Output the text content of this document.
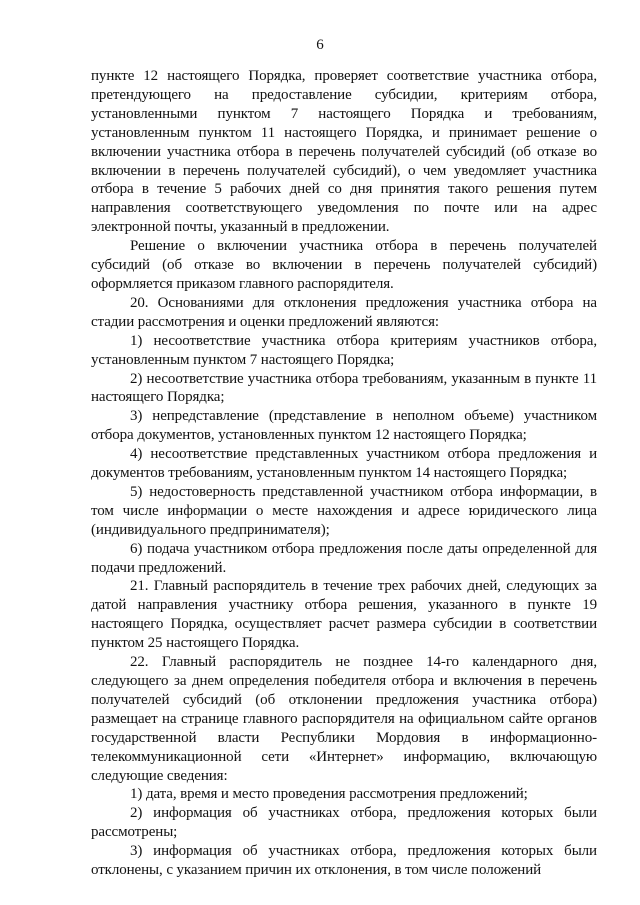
6

пункте 12 настоящего Порядка, проверяет соответствие участника отбора, претендующего на предоставление субсидии, критериям отбора, установленными пунктом 7 настоящего Порядка и требованиям, установленным пунктом 11 настоящего Порядка, и принимает решение о включении участника отбора в перечень получателей субсидий (об отказе во включении в перечень получателей субсидий), о чем уведомляет участника отбора в течение 5 рабочих дней со дня принятия такого решения путем направления соответствующего уведомления по почте или на адрес электронной почты, указанный в предложении.

Решение о включении участника отбора в перечень получателей субсидий (об отказе во включении в перечень получателей субсидий) оформляется приказом главного распорядителя.

20. Основаниями для отклонения предложения участника отбора на стадии рассмотрения и оценки предложений являются:

1) несоответствие участника отбора критериям участников отбора, установленным пунктом 7 настоящего Порядка;

2) несоответствие участника отбора требованиям, указанным в пункте 11 настоящего Порядка;

3) непредставление (представление в неполном объеме) участником отбора документов, установленных пунктом 12 настоящего Порядка;

4) несоответствие представленных участником отбора предложения и документов требованиям, установленным пунктом 14 настоящего Порядка;

5) недостоверность представленной участником отбора информации, в том числе информации о месте нахождения и адресе юридического лица (индивидуального предпринимателя);

6) подача участником отбора предложения после даты определенной для подачи предложений.

21. Главный распорядитель в течение трех рабочих дней, следующих за датой направления участнику отбора решения, указанного в пункте 19 настоящего Порядка, осуществляет расчет размера субсидии в соответствии пунктом 25 настоящего Порядка.

22. Главный распорядитель не позднее 14-го календарного дня, следующего за днем определения победителя отбора и включения в перечень получателей субсидий (об отклонении предложения участника отбора) размещает на странице главного распорядителя на официальном сайте органов государственной власти Республики Мордовия в информационно-телекоммуникационной сети «Интернет» информацию, включающую следующие сведения:

1) дата, время и место проведения рассмотрения предложений;

2) информация об участниках отбора, предложения которых были рассмотрены;

3) информация об участниках отбора, предложения которых были отклонены, с указанием причин их отклонения, в том числе положений
